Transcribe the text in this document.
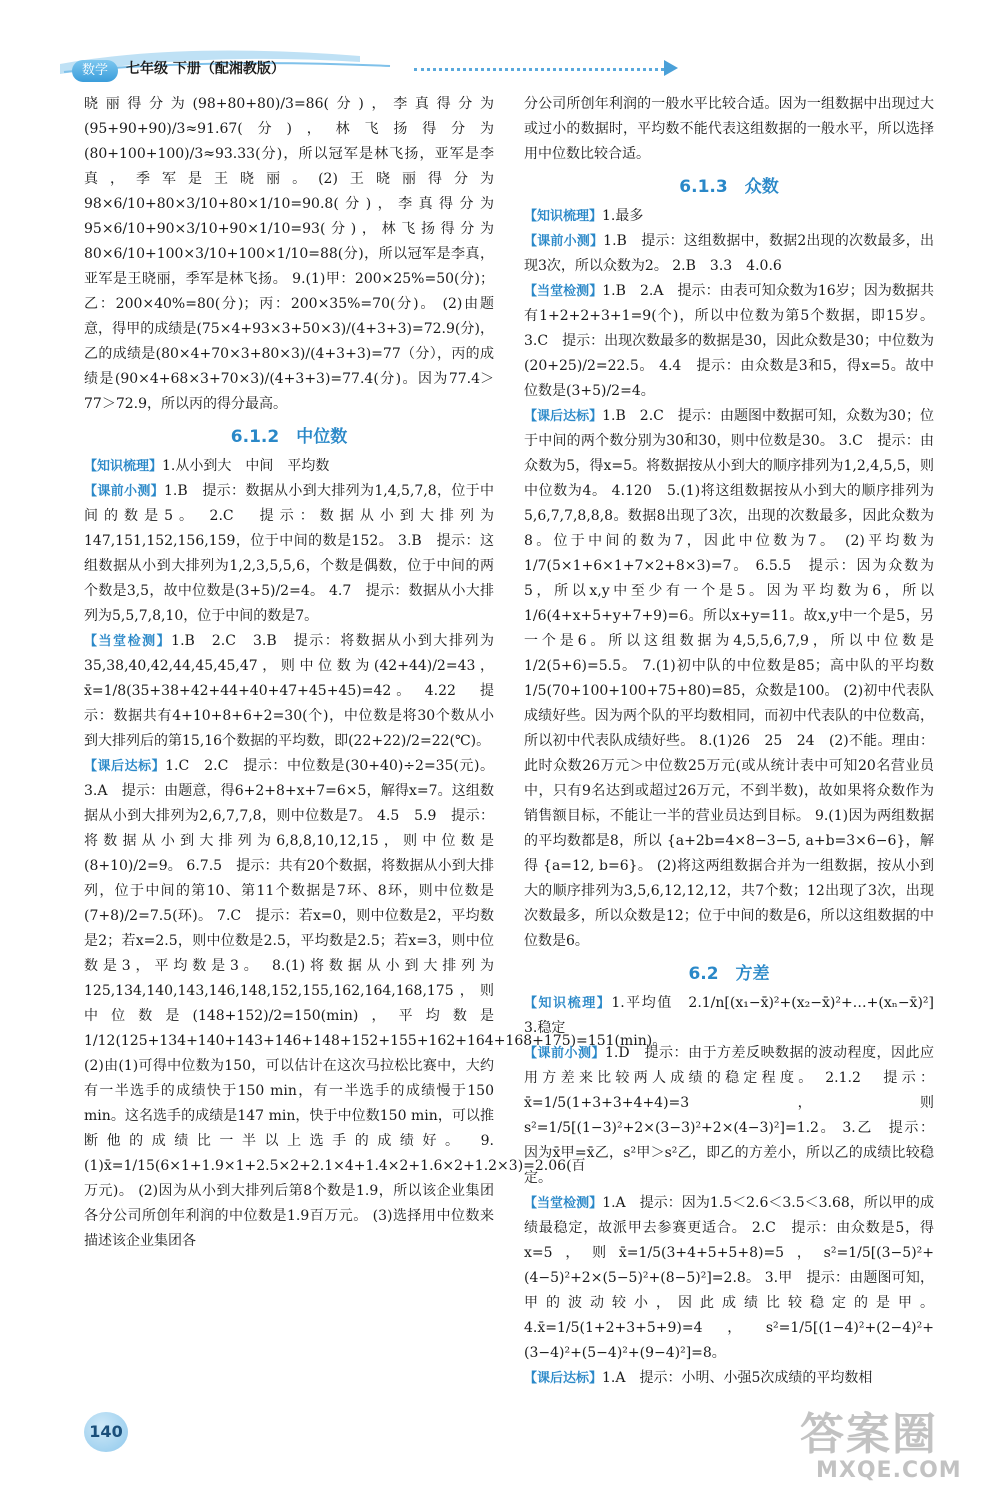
数学	七年级 下册（配湘教版）

晓丽得分为(98+80+80)/3=86(分)，李真得分为(95+90+90)/3≈91.67(分)，林飞扬得分为(80+100+100)/3≈93.33(分)，所以冠军是林飞扬，亚军是李真，季军是王晓丽。(2)王晓丽得分为98×6/10+80×3/10+80×1/10=90.8(分)，李真得分为95×6/10+90×3/10+90×1/10=93(分)，林飞扬得分为80×6/10+100×3/10+100×1/10=88(分)，所以冠军是李真，亚军是王晓丽，季军是林飞扬。 9.(1)甲：200×25%=50(分)；乙：200×40%=80(分)；丙：200×35%=70(分)。 (2)由题意，得甲的成绩是(75×4+93×3+50×3)/(4+3+3)=72.9(分)，乙的成绩是(80×4+70×3+80×3)/(4+3+3)=77（分），丙的成绩是(90×4+68×3+70×3)/(4+3+3)=77.4(分)。因为77.4＞77＞72.9，所以丙的得分最高。

6.1.2　中位数

【知识梳理】1.从小到大　中间　平均数

【课前小测】1.B　提示：数据从小到大排列为1,4,5,7,8，位于中间的数是5。 2.C　提示：数据从小到大排列为147,151,152,156,159，位于中间的数是152。 3.B　提示：这组数据从小到大排列为1,2,3,5,5,6，个数是偶数，位于中间的两个数是3,5，故中位数是(3+5)/2=4。 4.7　提示：数据从小大排列为5,5,7,8,10，位于中间的数是7。

【当堂检测】1.B　2.C　3.B　提示：将数据从小到大排列为35,38,40,42,44,45,45,47，则中位数为(42+44)/2=43，x̄=1/8(35+38+42+44+40+47+45+45)=42。 4.22　提示：数据共有4+10+8+6+2=30(个)，中位数是将30个数从小到大排列后的第15,16个数据的平均数，即(22+22)/2=22(℃)。

【课后达标】1.C　2.C　提示：中位数是(30+40)÷2=35(元)。 3.A　提示：由题意，得6+2+8+x+7=6×5，解得x=7。这组数据从小到大排列为2,6,7,7,8，则中位数是7。 4.5　5.9　提示：将数据从小到大排列为6,8,8,10,12,15，则中位数是(8+10)/2=9。 6.7.5　提示：共有20个数据，将数据从小到大排列，位于中间的第10、第11个数据是7环、8环，则中位数是(7+8)/2=7.5(环)。 7.C　提示：若x=0，则中位数是2，平均数是2；若x=2.5，则中位数是2.5，平均数是2.5；若x=3，则中位数是3，平均数是3。 8.(1)将数据从小到大排列为125,134,140,143,146,148,152,155,162,164,168,175，则中位数是(148+152)/2=150(min)，平均数是1/12(125+134+140+143+146+148+152+155+162+164+168+175)=151(min)。 (2)由(1)可得中位数为150，可以估计在这次马拉松比赛中，大约有一半选手的成绩快于150 min，有一半选手的成绩慢于150 min。这名选手的成绩是147 min，快于中位数150 min，可以推断他的成绩比一半以上选手的成绩好。 9.(1)x̄=1/15(6×1+1.9×1+2.5×2+2.1×4+1.4×2+1.6×2+1.2×3)=2.06(百万元)。 (2)因为从小到大排列后第8个数是1.9，所以该企业集团各分公司所创年利润的中位数是1.9百万元。 (3)选择用中位数来描述该企业集团各

分公司所创年利润的一般水平比较合适。因为一组数据中出现过大或过小的数据时，平均数不能代表这组数据的一般水平，所以选择用中位数比较合适。

6.1.3　众数

【知识梳理】1.最多

【课前小测】1.B　提示：这组数据中，数据2出现的次数最多，出现3次，所以众数为2。 2.B　3.3　4.0.6

【当堂检测】1.B　2.A　提示：由表可知众数为16岁；因为数据共有1+2+2+3+1=9(个)，所以中位数为第5个数据，即15岁。 3.C　提示：出现次数最多的数据是30，因此众数是30；中位数为(20+25)/2=22.5。 4.4　提示：由众数是3和5，得x=5。故中位数是(3+5)/2=4。

【课后达标】1.B　2.C　提示：由题图中数据可知，众数为30；位于中间的两个数分别为30和30，则中位数是30。 3.C　提示：由众数为5，得x=5。将数据按从小到大的顺序排列为1,2,4,5,5，则中位数为4。 4.120　5.(1)将这组数据按从小到大的顺序排列为5,6,7,7,8,8,8。数据8出现了3次，出现的次数最多，因此众数为8。位于中间的数为7，因此中位数为7。 (2)平均数为1/7(5×1+6×1+7×2+8×3)=7。 6.5.5　提示：因为众数为5，所以x,y中至少有一个是5。因为平均数为6，所以1/6(4+x+5+y+7+9)=6。所以x+y=11。故x,y中一个是5，另一个是6。所以这组数据为4,5,5,6,7,9，所以中位数是1/2(5+6)=5.5。 7.(1)初中队的中位数是85；高中队的平均数1/5(70+100+100+75+80)=85，众数是100。 (2)初中代表队成绩好些。因为两个队的平均数相同，而初中代表队的中位数高，所以初中代表队成绩好些。 8.(1)26　25　24　(2)不能。理由：此时众数26万元＞中位数25万元(或从统计表中可知20名营业员中，只有9名达到或超过26万元，不到半数)，故如果将众数作为销售额目标，不能让一半的营业员达到目标。 9.(1)因为两组数据的平均数都是8，所以 {a+2b=4×8−3−5, a+b=3×6−6}，解得 {a=12, b=6}。 (2)将这两组数据合并为一组数据，按从小到大的顺序排列为3,5,6,12,12,12，共7个数；12出现了3次，出现次数最多，所以众数是12；位于中间的数是6，所以这组数据的中位数是6。

6.2　方差

【知识梳理】1.平均值　2.1/n[(x₁−x̄)²+(x₂−x̄)²+…+(xₙ−x̄)²]　3.稳定

【课前小测】1.D　提示：由于方差反映数据的波动程度，因此应用方差来比较两人成绩的稳定程度。 2.1.2　提示：x̄=1/5(1+3+3+4+4)=3，则s²=1/5[(1−3)²+2×(3−3)²+2×(4−3)²]=1.2。 3.乙　提示：因为x̄甲=x̄乙，s²甲＞s²乙，即乙的方差小，所以乙的成绩比较稳定。

【当堂检测】1.A　提示：因为1.5＜2.6＜3.5＜3.68，所以甲的成绩最稳定，故派甲去参赛更适合。 2.C　提示：由众数是5，得x=5，则x̄=1/5(3+4+5+5+8)=5，s²=1/5[(3−5)²+(4−5)²+2×(5−5)²+(8−5)²]=2.8。 3.甲　提示：由题图可知，甲的波动较小，因此成绩比较稳定的是甲。 4.x̄=1/5(1+2+3+5+9)=4，s²=1/5[(1−4)²+(2−4)²+(3−4)²+(5−4)²+(9−4)²]=8。

【课后达标】1.A　提示：小明、小强5次成绩的平均数相

140	答案圈
MXQE.COM
